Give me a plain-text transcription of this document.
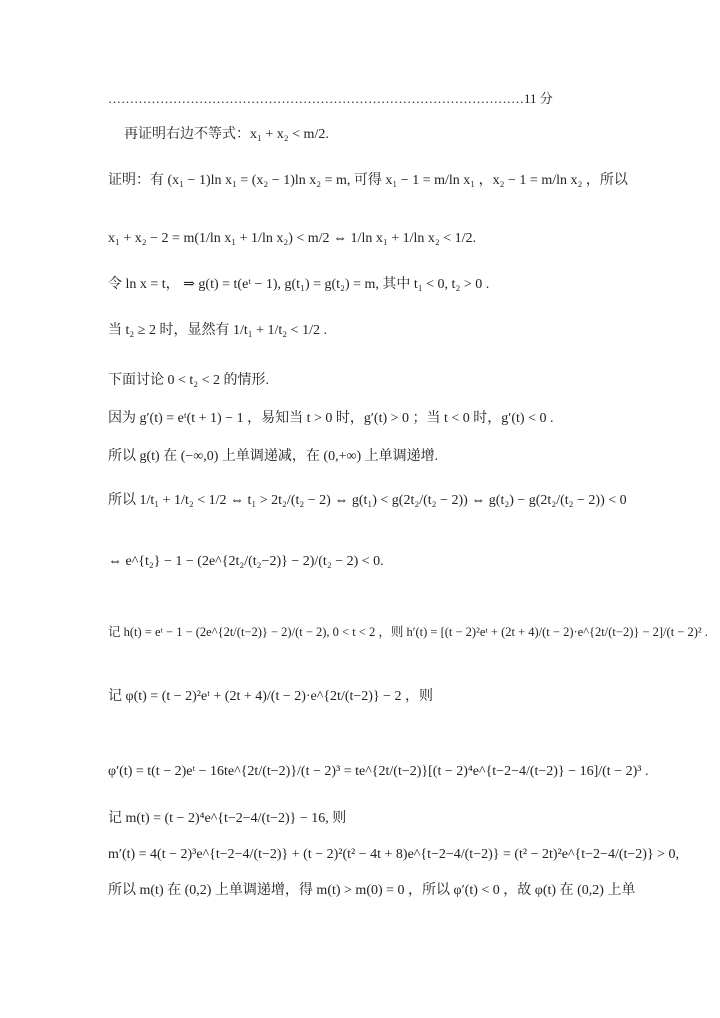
……………………………………………………………………………………11 分
再证明右边不等式：x₁ + x₂ < m/2.
证明：有 (x₁ − 1)ln x₁ = (x₂ − 1)ln x₂ = m, 可得 x₁ − 1 = m/ln x₁ ，x₂ − 1 = m/ln x₂ ，所以
x₁ + x₂ − 2 = m(1/ln x₁ + 1/ln x₂) < m/2 ⇔ 1/ln x₁ + 1/ln x₂ < 1/2.
令 ln x = t， ⇒ g(t) = t(eᵗ − 1), g(t₁) = g(t₂) = m, 其中 t₁ < 0, t₂ > 0 .
当 t₂ ≥ 2 时，显然有 1/t₁ + 1/t₂ < 1/2 .
下面讨论 0 < t₂ < 2 的情形.
因为 g′(t) = eᵗ(t + 1) − 1 ，易知当 t > 0 时，g′(t) > 0 ；当 t < 0 时，g′(t) < 0 .
所以 g(t) 在 (−∞,0) 上单调递减，在 (0,+∞) 上单调递增.
所以 1/t₁ + 1/t₂ < 1/2 ⇔ t₁ > 2t₂/(t₂ − 2) ⇔ g(t₁) < g(2t₂/(t₂ − 2)) ⇔ g(t₂) − g(2t₂/(t₂ − 2)) < 0
⇔ e^{t₂} − 1 − (2e^{2t₂/(t₂−2)} − 2)/(t₂ − 2) < 0.
记 h(t) = eᵗ − 1 − (2e^{2t/(t−2)} − 2)/(t − 2), 0 < t < 2 ，则 h′(t) = [(t − 2)²eᵗ + (2t + 4)/(t − 2)·e^{2t/(t−2)} − 2]/(t − 2)² .
记 φ(t) = (t − 2)²eᵗ + (2t + 4)/(t − 2)·e^{2t/(t−2)} − 2 ，则
φ′(t) = t(t − 2)eᵗ − 16te^{2t/(t−2)}/(t − 2)³ = te^{2t/(t−2)}[(t − 2)⁴e^{t−2−4/(t−2)} − 16]/(t − 2)³ .
记 m(t) = (t − 2)⁴e^{t−2−4/(t−2)} − 16, 则
m′(t) = 4(t − 2)³e^{t−2−4/(t−2)} + (t − 2)²(t² − 4t + 8)e^{t−2−4/(t−2)} = (t² − 2t)²e^{t−2−4/(t−2)} > 0,
所以 m(t) 在 (0,2) 上单调递增，得 m(t) > m(0) = 0 ，所以 φ′(t) < 0 ，故 φ(t) 在 (0,2) 上单
